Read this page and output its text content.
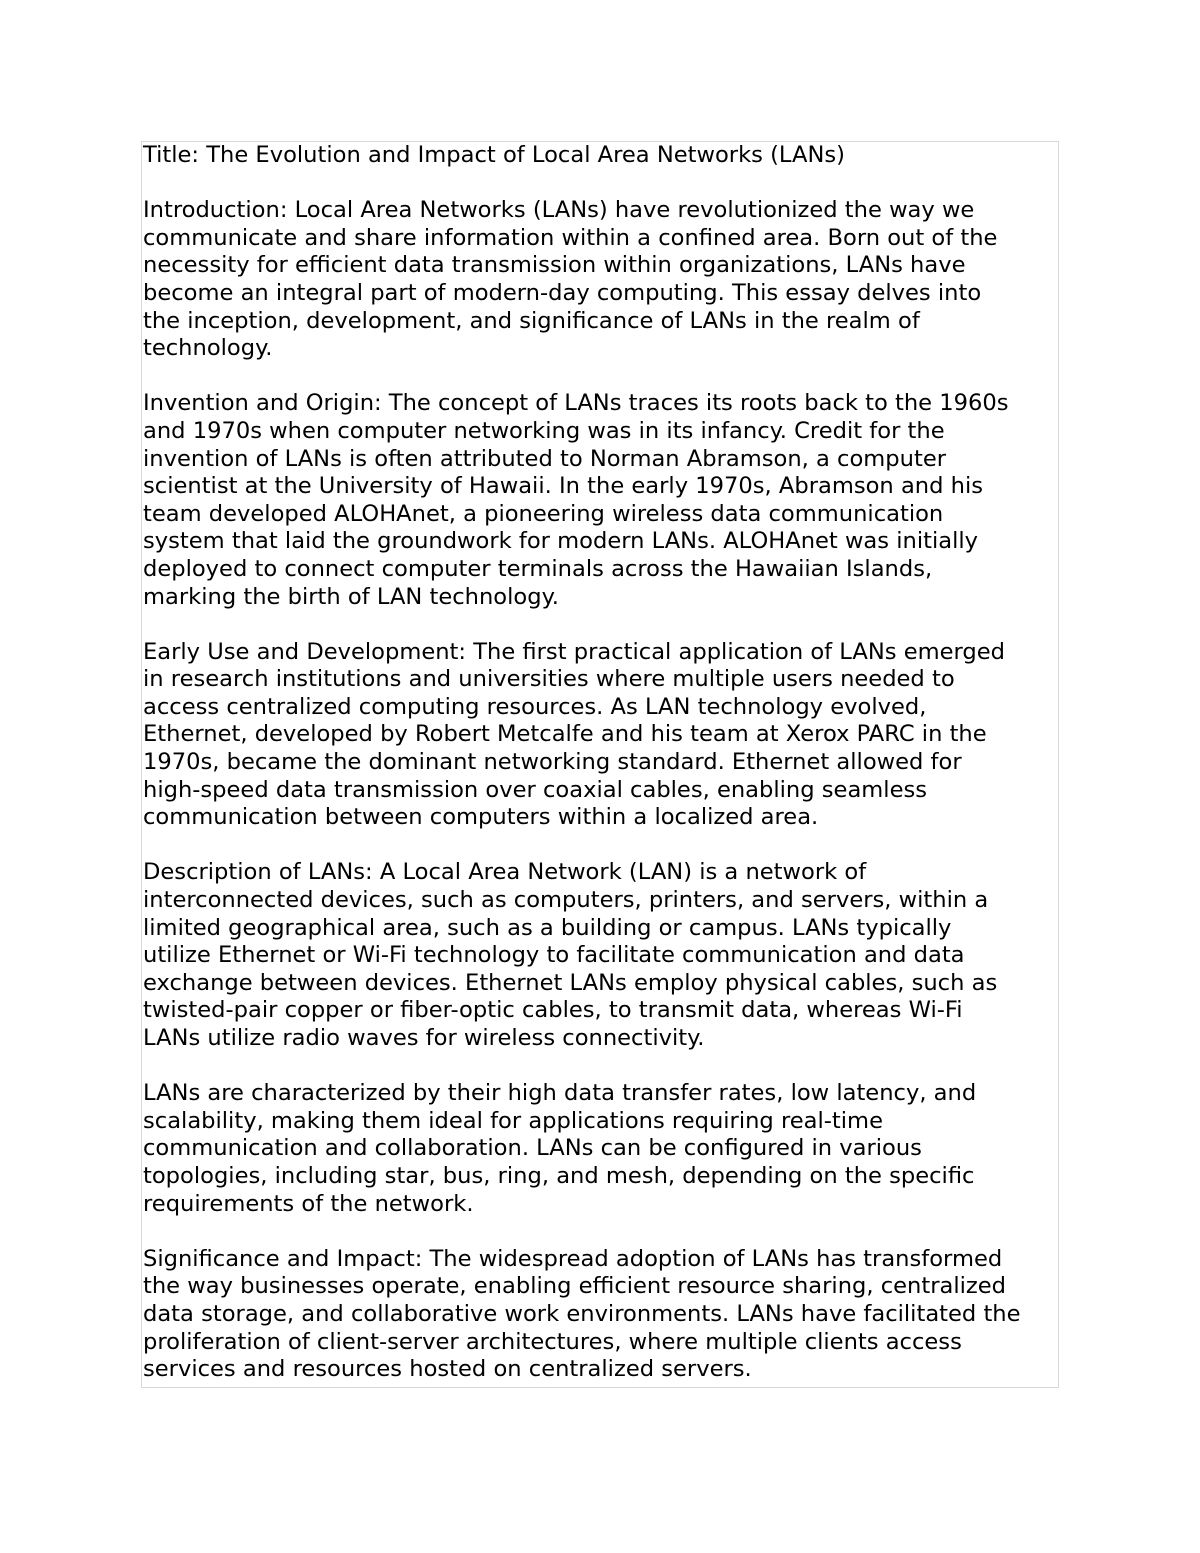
Title: The Evolution and Impact of Local Area Networks (LANs)
Introduction: Local Area Networks (LANs) have revolutionized the way we
communicate and share information within a confined area. Born out of the
necessity for efficient data transmission within organizations, LANs have
become an integral part of modern-day computing. This essay delves into
the inception, development, and significance of LANs in the realm of
technology.
Invention and Origin: The concept of LANs traces its roots back to the 1960s
and 1970s when computer networking was in its infancy. Credit for the
invention of LANs is often attributed to Norman Abramson, a computer
scientist at the University of Hawaii. In the early 1970s, Abramson and his
team developed ALOHAnet, a pioneering wireless data communication
system that laid the groundwork for modern LANs. ALOHAnet was initially
deployed to connect computer terminals across the Hawaiian Islands,
marking the birth of LAN technology.
Early Use and Development: The first practical application of LANs emerged
in research institutions and universities where multiple users needed to
access centralized computing resources. As LAN technology evolved,
Ethernet, developed by Robert Metcalfe and his team at Xerox PARC in the
1970s, became the dominant networking standard. Ethernet allowed for
high-speed data transmission over coaxial cables, enabling seamless
communication between computers within a localized area.
Description of LANs: A Local Area Network (LAN) is a network of
interconnected devices, such as computers, printers, and servers, within a
limited geographical area, such as a building or campus. LANs typically
utilize Ethernet or Wi-Fi technology to facilitate communication and data
exchange between devices. Ethernet LANs employ physical cables, such as
twisted-pair copper or fiber-optic cables, to transmit data, whereas Wi-Fi
LANs utilize radio waves for wireless connectivity.
LANs are characterized by their high data transfer rates, low latency, and
scalability, making them ideal for applications requiring real-time
communication and collaboration. LANs can be configured in various
topologies, including star, bus, ring, and mesh, depending on the specific
requirements of the network.
Significance and Impact: The widespread adoption of LANs has transformed
the way businesses operate, enabling efficient resource sharing, centralized
data storage, and collaborative work environments. LANs have facilitated the
proliferation of client-server architectures, where multiple clients access
services and resources hosted on centralized servers.
